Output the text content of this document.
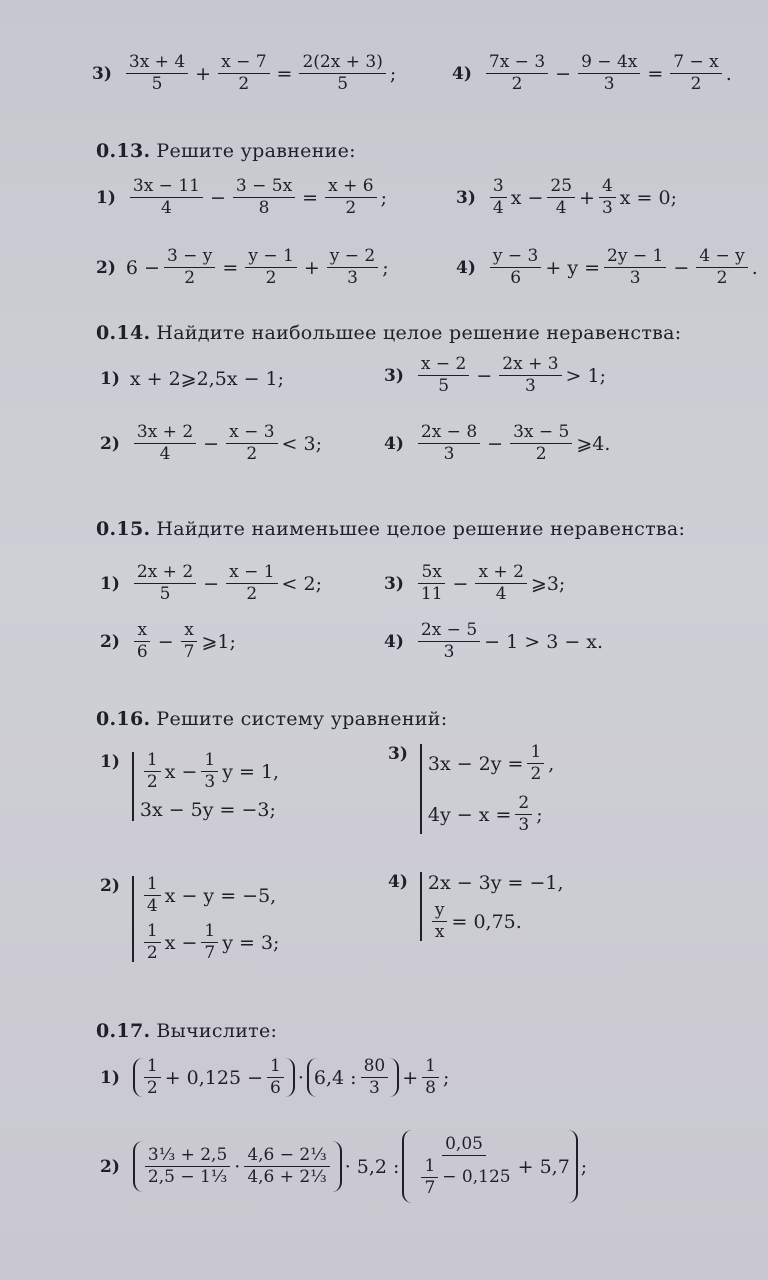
$3) \frac{3x + 4}{5} + \frac{x - 7}{2} = \frac{2(2x + 3)}{5}$ ;	$4) \frac{7x - 3}{2} - \frac{9 - 4x}{3} = \frac{7 - x}{2}$ .
0.13. Решите уравнение:
$1) \frac{3x - 11}{4} - \frac{3 - 5x}{8} = \frac{x + 6}{2}$ ;	$3) \frac{3}{4}$ $x - \frac{25}{4} + \frac{4}{3}$ x = 0;
2) $6 - \frac{3 - y}{2} = \frac{y - 1}{2} + \frac{y - 2}{3}$ ;	$4) \frac{y - 3}{6} + y = \frac{2y - 1}{3} - \frac{4 - y}{2}$ .
0.14. Найдите наибольшее целое решение неравенства:
1) x + 2⩾2,5x − 1;	$3) \frac{x - 2}{5} - \frac{2x + 3}{3} > 1$;
$2) \frac{3x + 2}{4} - \frac{x - 3}{2} < 3$;	$4) \frac{2x - 8}{3} - \frac{3x - 5}{2}$ ⩾4.
0.15. Найдите наименьшее целое решение неравенства:
$1) \frac{2x + 2}{5} - \frac{x - 1}{2} < 2$;	$3) \frac{5x}{11} - \frac{x + 2}{4}$ ⩾3;
$2) \frac{x}{6} - \frac{x}{7}$ ⩾1;	$4) \frac{2x - 5}{3} - 1 > 3 - x$.
0.16. Решите систему уравнений:
$1) \frac{1}{2}$ $x - \frac{1}{3}$ y = 1,
3x − 5y = −3;
3) $3x - 2y = \frac{1}{2}$ ,
$4y - x = \frac{2}{3}$ ;
$2) \frac{1}{4}$ x − y = −5,
$\frac{1}{2}$ $x - \frac{1}{7}$ y = 3;
4) 2x − 3y = −1,
$\frac{y}{x} = 0,75$.
0.17. Вычислите:
$1) \frac{1}{2} + 0,125 - \frac{1}{6} \cdot 6,4$ : $\frac{80}{3} + \frac{1}{8}$ ;
$2) \frac{\text{3⅓ + 2,5}}{\text{2,5 − 1⅓}} \cdot \frac{\text{4,6 − 2⅓}}{\text{4,6 + 2⅓}} \cdot 5,2$ : $\frac{0,05}{\frac{1}{7} - 0,125} + 5,7$ ;
